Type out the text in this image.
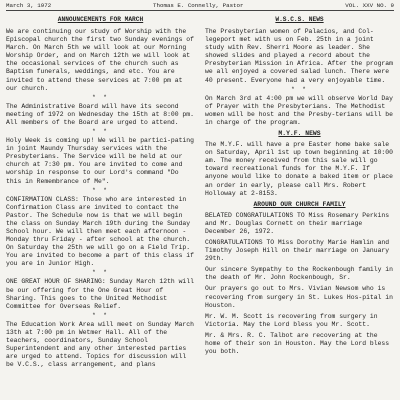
March 3, 1972	Thomas E. Connelly, Pastor	VOL. XXV NO. 9
ANNOUNCEMENTS FOR MARCH
We are continuing our study of Worship with the Episcopal church the first two Sunday evenings of March. On March 5th we will look at our Morning Worship Order, and on March 12th we will look at the occasional services of the church such as Baptism funerals, weddings, and etc. You are invited to attend these services at 7:00 pm at our church.
* *
The Administrative Board will have its second meeting of 1972 on Wednesday the 15th at 8:00 pm. All members of the Board are urged to attend.
* *
Holy Week is coming up! We will be partici-pating in joint Maundy Thursday services with the Presbyterians. The Service will be held at our church at 7:30 pm. You are invited to come and worship in response to our Lord's command "Do this in Remembrance of Me".
* *
CONFIRMATION CLASS: Those who are interested in Confirmation Class are invited to contact the Pastor. The Schedule now is that we will begin the class on Sunday March 19th during the Sunday School hour. We will then meet each afternoon - Monday thru Friday - after school at the church. On Saturday the 25th we will go on a Field Trip. You are invited to become a part of this class if you are in Junior High.
* *
ONE GREAT HOUR OF SHARING: Sunday March 12th will be our offering for the One Great Hour of Sharing. This goes to the United Methodist Committee for Overseas Relief.
* *
The Education Work Area will meet on Sunday March 13th at 7:00 pm in Wetmer Hall. All of the teachers, coordinators, Sunday School Superintendent and any other interested parties are urged to attend. Topics for discussion will be V.C.S., class arrangement, and plans
W.S.C.S. NEWS
The Presbyterian women of Palacios, and Col-legeport met with us on Feb. 25th in a joint study with Rev. Sherri Moore as leader. She showed slides and played a record about the Presbyterian Mission in Africa. After the program we all enjoyed a covered salad lunch. There were 40 present. Everyone had a very enjoyable time.
* *
On March 3rd at 4:00 pm we will observe World Day of Prayer with the Presbyterians. The Methodist women will be host and the Presby-terians will be in charge of the program.
M.Y.F. NEWS
The M.Y.F. will have a pre Easter home bake sale on Saturday, April 1st up town beginning at 10:00 am. The money received from this sale will go toward recreational funds for the M.Y.F. If anyone would like to donate a baked item or place an order in early, please call Mrs. Robert Holloway at 2-8153.
AROUND OUR CHURCH FAMILY
BELATED CONGRATULATIONS TO Miss Rosemary Perkins and Mr. Douglas Cornett on their marriage December 26, 1972.
CONGRATULATIONS TO Miss Dorothy Marie Hamlin and Timothy Joseph Hill on their marriage on January 29th.
Our sincere Sympathy to the Rockenbough family in the death of Mr. John Rockenbough, Sr.
Our prayers go out to Mrs. Vivian Newsom who is recovering from surgery in St. Lukes Hos-pital in Houston.
Mr. W. M. Scott is recovering from surgery in Victoria. May the Lord bless you Mr. Scott.
Mr. & Mrs. R. C. Talbot are recovering at the home of their son in Houston. May the Lord bless you both.
